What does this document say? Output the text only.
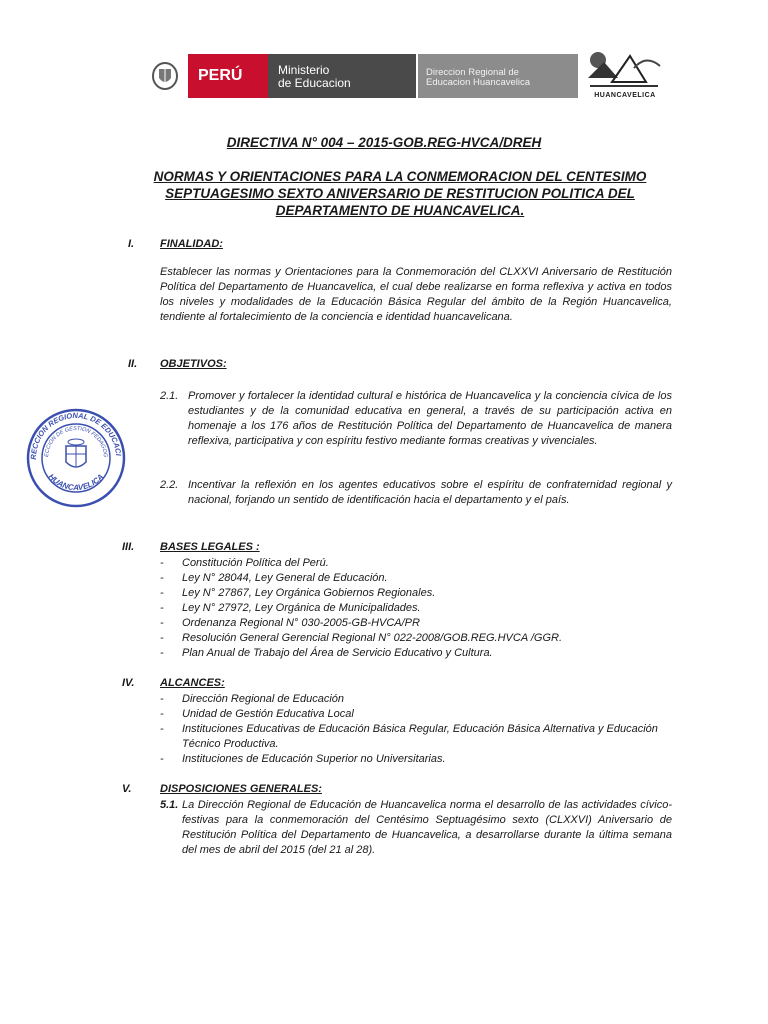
PERÚ	Ministerio
de Educacion
Direccion Regional de
Educacion Huancavelica
HUANCAVELICA
DIRECTIVA N° 004 – 2015-GOB.REG-HVCA/DREH
NORMAS Y ORIENTACIONES PARA LA CONMEMORACION DEL CENTESIMO
SEPTUAGESIMO SEXTO ANIVERSARIO DE RESTITUCION POLITICA DEL
DEPARTAMENTO DE HUANCAVELICA.
I. FINALIDAD:
Establecer las normas y Orientaciones para la Conmemoración del CLXXVI Aniversario de Restitución Política del Departamento de Huancavelica, el cual debe realizarse en forma reflexiva y activa en todos los niveles y modalidades de la Educación Básica Regular del ámbito de la Región Huancavelica, tendiente al fortalecimiento de la conciencia e identidad huancavelicana.
II. OBJETIVOS:
2.1. Promover y fortalecer la identidad cultural e histórica de Huancavelica y la conciencia cívica de los estudiantes y de la comunidad educativa en general, a través de su participación activa en homenaje a los 176 años de Restitución Política del Departamento de Huancavelica de manera reflexiva, participativa y con espíritu festivo mediante formas creativas y vivenciales.
2.2. Incentivar la reflexión en los agentes educativos sobre el espíritu de confraternidad regional y nacional, forjando un sentido de identificación hacia el departamento y el país.
RECCION REGIONAL DE EDUCACI
ECCION DE GESTION PEDAGOG
HUANCAVELICA
III. BASES LEGALES :
-	Constitución Política del Perú.
-	Ley N° 28044, Ley General de Educación.
-	Ley N° 27867, Ley Orgánica Gobiernos Regionales.
-	Ley N° 27972, Ley Orgánica de Municipalidades.
-	Ordenanza Regional N° 030-2005-GB-HVCA/PR
-	Resolución General Gerencial Regional N° 022-2008/GOB.REG.HVCA /GGR.
-	Plan Anual de Trabajo del Área de Servicio Educativo y Cultura.
IV. ALCANCES:
-	Dirección Regional de Educación
-	Unidad de Gestión Educativa Local
-	Instituciones Educativas de Educación Básica Regular, Educación Básica Alternativa y Educación Técnico Productiva.
-	Instituciones de Educación Superior no Universitarias.
V.	DISPOSICIONES GENERALES:
5.1. La Dirección Regional de Educación de Huancavelica norma el desarrollo de las actividades cívico-festivas para la conmemoración del Centésimo Septuagésimo sexto (CLXXVI) Aniversario de Restitución Política del Departamento de Huancavelica, a desarrollarse durante la última semana del mes de abril del 2015 (del 21 al 28).
